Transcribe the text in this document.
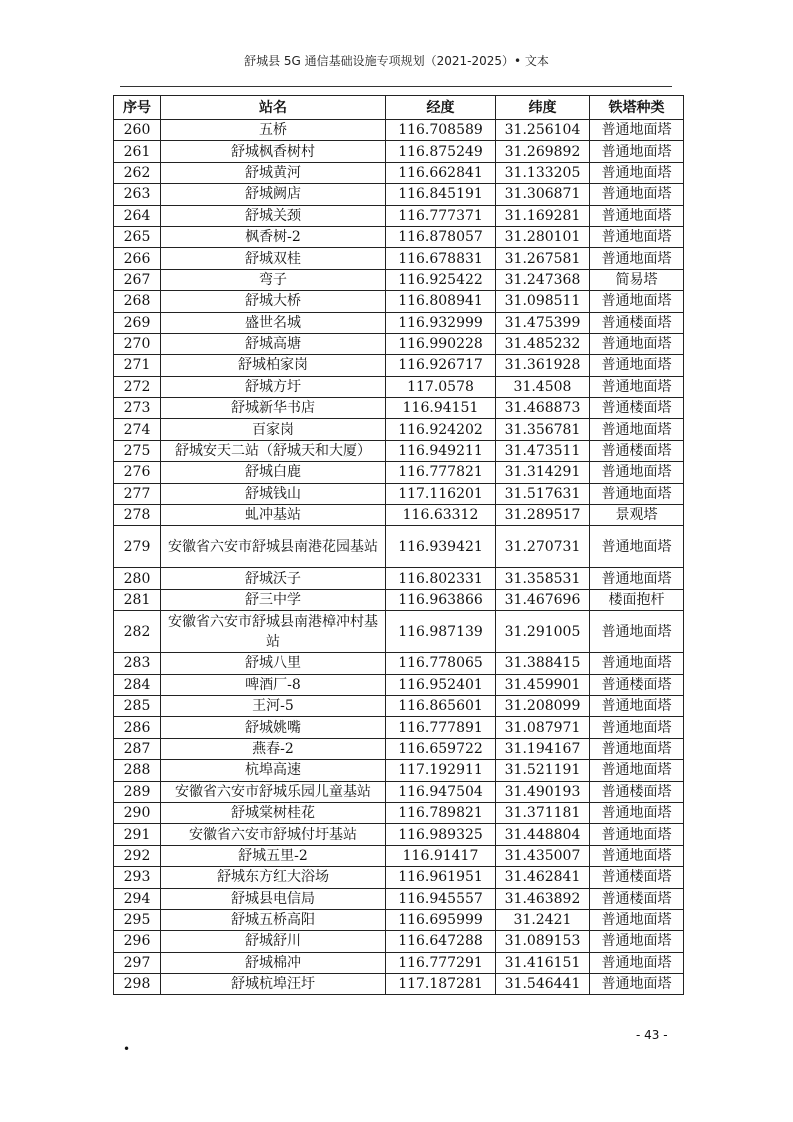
舒城县 5G 通信基础设施专项规划（2021-2025）• 文本
序号	站名	经度	纬度	铁塔种类
260	五桥	116.708589	31.256104	普通地面塔
261	舒城枫香树村	116.875249	31.269892	普通地面塔
262	舒城黄河	116.662841	31.133205	普通地面塔
263	舒城阙店	116.845191	31.306871	普通地面塔
264	舒城关颈	116.777371	31.169281	普通地面塔
265	枫香树-2	116.878057	31.280101	普通地面塔
266	舒城双桂	116.678831	31.267581	普通地面塔
267	弯子	116.925422	31.247368	简易塔
268	舒城大桥	116.808941	31.098511	普通地面塔
269	盛世名城	116.932999	31.475399	普通楼面塔
270	舒城高塘	116.990228	31.485232	普通地面塔
271	舒城柏家岗	116.926717	31.361928	普通地面塔
272	舒城方圩	117.0578	31.4508	普通地面塔
273	舒城新华书店	116.94151	31.468873	普通楼面塔
274	百家岗	116.924202	31.356781	普通地面塔
275	舒城安天二站（舒城天和大厦）	116.949211	31.473511	普通楼面塔
276	舒城白鹿	116.777821	31.314291	普通地面塔
277	舒城钱山	117.116201	31.517631	普通地面塔
278	虬冲基站	116.63312	31.289517	景观塔
279	安徽省六安市舒城县南港花园基站	116.939421	31.270731	普通地面塔
280	舒城沃子	116.802331	31.358531	普通地面塔
281	舒三中学	116.963866	31.467696	楼面抱杆
282	安徽省六安市舒城县南港樟冲村基站	116.987139	31.291005	普通地面塔
283	舒城八里	116.778065	31.388415	普通地面塔
284	啤酒厂-8	116.952401	31.459901	普通楼面塔
285	王河-5	116.865601	31.208099	普通地面塔
286	舒城姚嘴	116.777891	31.087971	普通地面塔
287	燕春-2	116.659722	31.194167	普通地面塔
288	杭埠高速	117.192911	31.521191	普通地面塔
289	安徽省六安市舒城乐园儿童基站	116.947504	31.490193	普通楼面塔
290	舒城棠树桂花	116.789821	31.371181	普通地面塔
291	安徽省六安市舒城付圩基站	116.989325	31.448804	普通地面塔
292	舒城五里-2	116.91417	31.435007	普通地面塔
293	舒城东方红大浴场	116.961951	31.462841	普通楼面塔
294	舒城县电信局	116.945557	31.463892	普通楼面塔
295	舒城五桥高阳	116.695999	31.2421	普通地面塔
296	舒城舒川	116.647288	31.089153	普通地面塔
297	舒城棉冲	116.777291	31.416151	普通地面塔
298	舒城杭埠汪圩	117.187281	31.546441	普通地面塔
- 43 -
•
